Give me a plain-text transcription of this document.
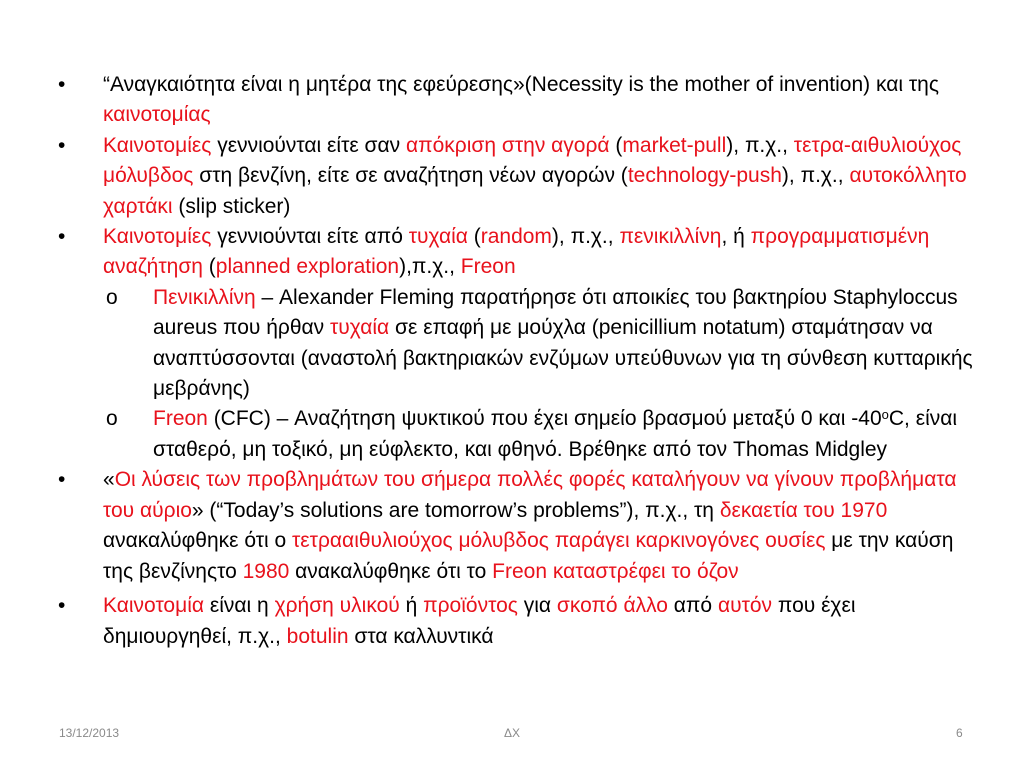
• “Αναγκαιότητα είναι η μητέρα της εφεύρεσης»(Necessity is the mother of invention) και της καινοτομίας
• Καινοτομίες γεννιούνται είτε σαν απόκριση στην αγορά (market-pull), π.χ., τετρα-αιθυλιούχος μόλυβδος στη βενζίνη, είτε σε αναζήτηση νέων αγορών (technology-push), π.χ., αυτοκόλλητο χαρτάκι (slip sticker)
• Καινοτομίες γεννιούνται είτε από τυχαία (random), π.χ., πενικιλλίνη, ή προγραμματισμένη αναζήτηση (planned exploration),π.χ., Freon
o Πενικιλλίνη – Alexander Fleming παρατήρησε ότι αποικίες του βακτηρίου Staphyloccus aureus που ήρθαν τυχαία σε επαφή με μούχλα (penicillium notatum) σταμάτησαν να αναπτύσσονται (αναστολή βακτηριακών ενζύμων υπεύθυνων για τη σύνθεση κυτταρικής μεβράνης)
o Freon (CFC) – Αναζήτηση ψυκτικού που έχει σημείο βρασμού μεταξύ 0 και $-40^oC$, είναι σταθερό, μη τοξικό, μη εύφλεκτο, και φθηνό. Βρέθηκε από τον Thomas Midgley
• «Οι λύσεις των προβλημάτων του σήμερα πολλές φορές καταλήγουν να γίνουν προβλήματα του αύριο» (“Today’s solutions are tomorrow’s problems”), π.χ., τη δεκαετία του 1970 ανακαλύφθηκε ότι ο τετρααιθυλιούχος μόλυβδος παράγει καρκινογόνες ουσίες με την καύση της βενζίνηςτο 1980 ανακαλύφθηκε ότι το Freon καταστρέφει το όζον
• Καινοτομία είναι η χρήση υλικού ή προϊόντος για σκοπό άλλο από αυτόν που έχει δημιουργηθεί, π.χ., botulin στα καλλυντικά
13/12/2013	ΔΧ	6
